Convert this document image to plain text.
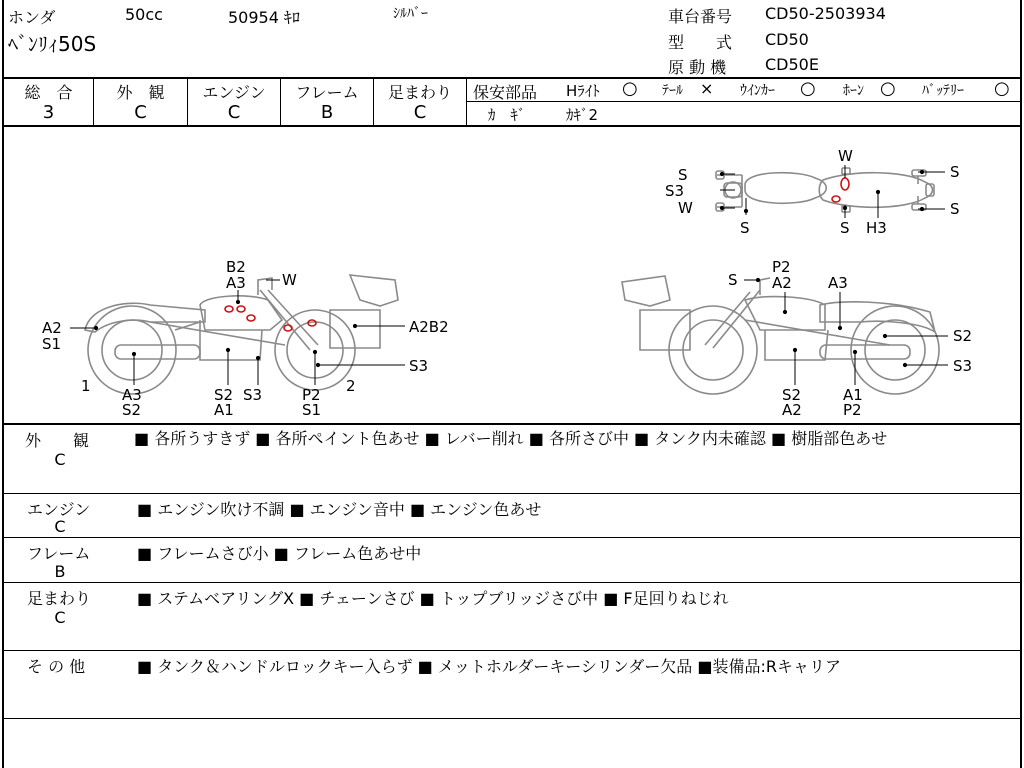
ホンダ	50cc	50954 ｷﾛ	ｼﾙﾊﾞｰ
ﾍﾞﾝﾘｨ50S
車台番号 CD50-2503934
型　　式 CD50
原 動 機 CD50E
総　合
3
外　観
C
エンジン
C
フレーム
B
足まわり
C
保安部品 Hﾗｲﾄ ○ ﾃｰﾙ × ｳｲﾝｶｰ ○ ﾎｰﾝ ○ ﾊﾞｯﾃﾘｰ ○
ｶ　ｷﾞ	ｶｷﾞ2
S
S3
W
S
W
S H3
S
S
B2
A3 W
A2
S1
1 A3
S2
S2
A1
S3	P2
S1
2
A2B2
S3
S
P2
A2 A3
S2
S3
S2
A2
A1
P2
外　　観
C
■ 各所うすきず ■ 各所ペイント色あせ ■ レバー削れ ■ 各所さび中 ■ タンク内未確認 ■ 樹脂部色あせ
エンジン
C
■ エンジン吹け不調 ■ エンジン音中 ■ エンジン色あせ
フレーム
B
■ フレームさび小 ■ フレーム色あせ中
足まわり
C
■ ステムベアリングX ■ チェーンさび ■ トップブリッジさび中 ■ F足回りねじれ
そ の 他	■ タンク＆ハンドルロックキー入らず ■ メットホルダーキーシリンダー欠品 ■装備品:Rキャリア
